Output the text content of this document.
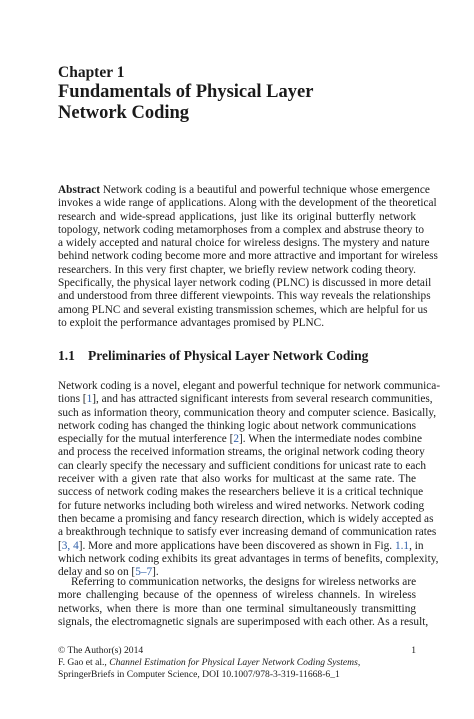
Chapter 1
Fundamentals of Physical Layer
Network Coding
Abstract Network coding is a beautiful and powerful technique whose emergence
invokes a wide range of applications. Along with the development of the theoretical
research and wide-spread applications, just like its original butterfly network
topology, network coding metamorphoses from a complex and abstruse theory to
a widely accepted and natural choice for wireless designs. The mystery and nature
behind network coding become more and more attractive and important for wireless
researchers. In this very first chapter, we briefly review network coding theory.
Specifically, the physical layer network coding (PLNC) is discussed in more detail
and understood from three different viewpoints. This way reveals the relationships
among PLNC and several existing transmission schemes, which are helpful for us
to exploit the performance advantages promised by PLNC.
1.1 Preliminaries of Physical Layer Network Coding
Network coding is a novel, elegant and powerful technique for network communica-
tions [1], and has attracted significant interests from several research communities,
such as information theory, communication theory and computer science. Basically,
network coding has changed the thinking logic about network communications
especially for the mutual interference [2]. When the intermediate nodes combine
and process the received information streams, the original network coding theory
can clearly specify the necessary and sufficient conditions for unicast rate to each
receiver with a given rate that also works for multicast at the same rate. The
success of network coding makes the researchers believe it is a critical technique
for future networks including both wireless and wired networks. Network coding
then became a promising and fancy research direction, which is widely accepted as
a breakthrough technique to satisfy ever increasing demand of communication rates
[3, 4]. More and more applications have been discovered as shown in Fig. 1.1, in
which network coding exhibits its great advantages in terms of benefits, complexity,
delay and so on [5–7].
Referring to communication networks, the designs for wireless networks are
more challenging because of the openness of wireless channels. In wireless
networks, when there is more than one terminal simultaneously transmitting
signals, the electromagnetic signals are superimposed with each other. As a result,
© The Author(s) 2014	1
F. Gao et al., Channel Estimation for Physical Layer Network Coding Systems,
SpringerBriefs in Computer Science, DOI 10.1007/978-3-319-11668-6_1
